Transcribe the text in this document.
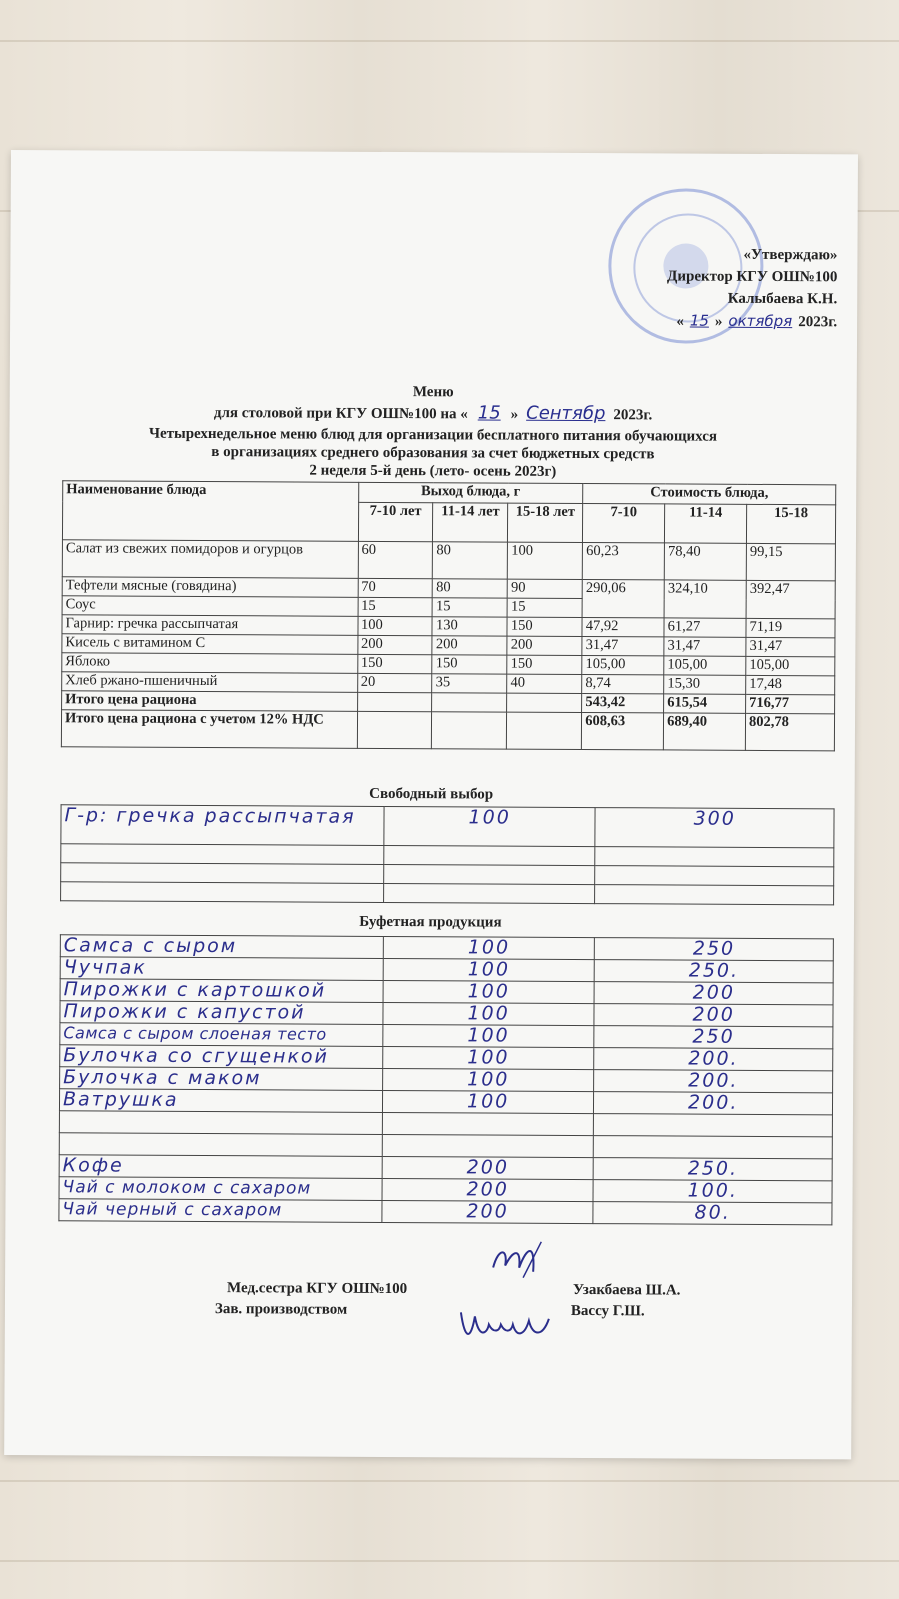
«Утверждаю»
Директор КГУ ОШ№100
Калыбаева К.Н.
« 15 » октября 2023г.
Меню
для столовой при КГУ ОШ№100 на « 15 » Сентябр 2023г.
Четырехнедельное меню блюд для организации бесплатного питания обучающихся
в организациях среднего образования за счет бюджетных средств
2 неделя 5-й день (лето- осень 2023г)
Наименование блюда	Выход блюда, г			Стоимость блюда,		
	7-10 лет	11-14 лет	15-18 лет	7-10	11-14	15-18
Салат из свежих помидоров и огурцов	60	80	100	60,23	78,40	99,15
Тефтели мясные (говядина)	70	80	90	290,06	324,10	392,47
Соус	15	15	15			
Гарнир: гречка рассыпчатая	100	130	150	47,92	61,27	71,19
Кисель с витамином С	200	200	200	31,47	31,47	31,47
Яблоко	150	150	150	105,00	105,00	105,00
Хлеб ржано-пшеничный	20	35	40	8,74	15,30	17,48
Итого цена рациона				543,42	615,54	716,77
Итого цена рациона с учетом 12% НДС				608,63	689,40	802,78
Свободный выбор
Г-р: гречка рассыпчатая	100	300

Буфетная продукция
Самса с сыром	100	250
Чучпак	100	250.
Пирожки с картошкой	100	200
Пирожки с капустой	100	200
Самса с сыром слоеная тесто	100	250
Булочка со сгущенкой	100	200.
Булочка с маком	100	200.
Ватрушка	100	200.

Кофе	200	250.
Чай с молоком с сахаром	200	100.
Чай черный с сахаром	200	80.
Мед.сестра КГУ ОШ№100	Узакбаева Ш.А.
Зав. производством	Вассу Г.Ш.
